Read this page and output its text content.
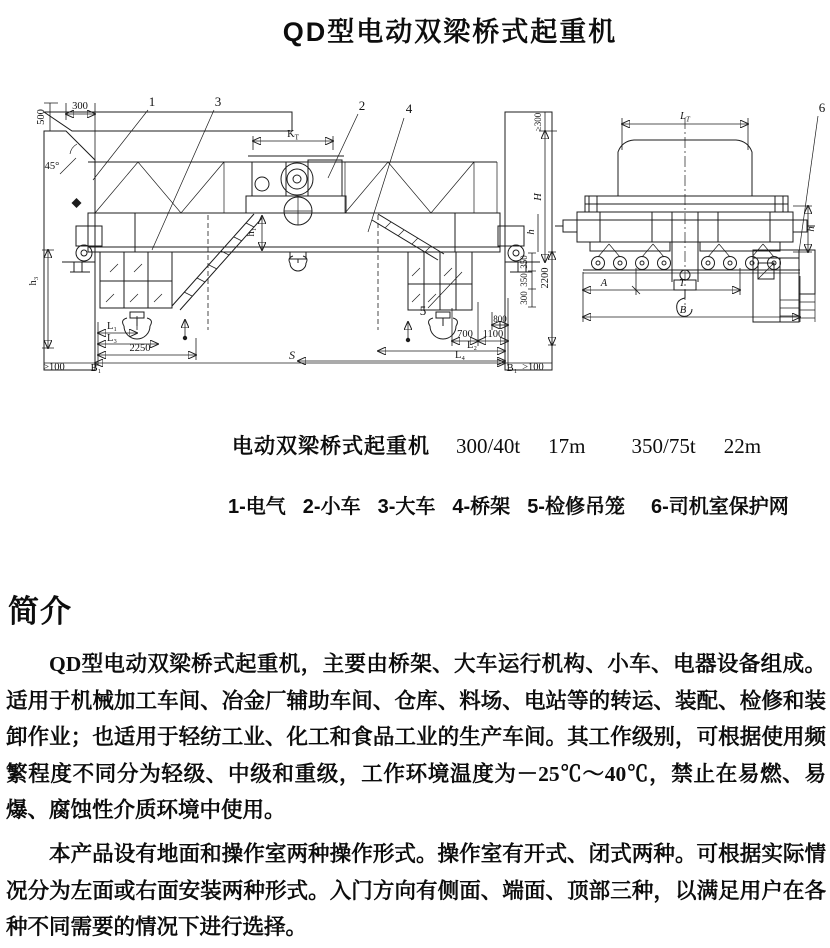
QD型电动双梁桥式起重机
500
300
45°
$K_T$
h₁
h₃
L₁
L₃
2250
≥100 B₁
S
700 1100
800
L₂
L₄
B₁ ≥100
h
350
350
300
2200
H
≥300	$L_T$
A	T
B
h
1	3	2	4
5
6
电动双梁桥式起重机 300/40t 17m 350/75t 22m
1-电气 2-小车 3-大车 4-桥架 5-检修吊笼 6-司机室保护网
简介

QD型电动双梁桥式起重机，主要由桥架、大车运行机构、小车、电器设备组成。适用于机械加工车间、冶金厂辅助车间、仓库、料场、电站等的转运、装配、检修和装卸作业；也适用于轻纺工业、化工和食品工业的生产车间。其工作级别，可根据使用频繁程度不同分为轻级、中级和重级，工作环境温度为－25℃～40℃，禁止在易燃、易爆、腐蚀性介质环境中使用。

本产品设有地面和操作室两种操作形式。操作室有开式、闭式两种。可根据实际情况分为左面或右面安装两种形式。入门方向有侧面、端面、顶部三种，以满足用户在各种不同需要的情况下进行选择。
